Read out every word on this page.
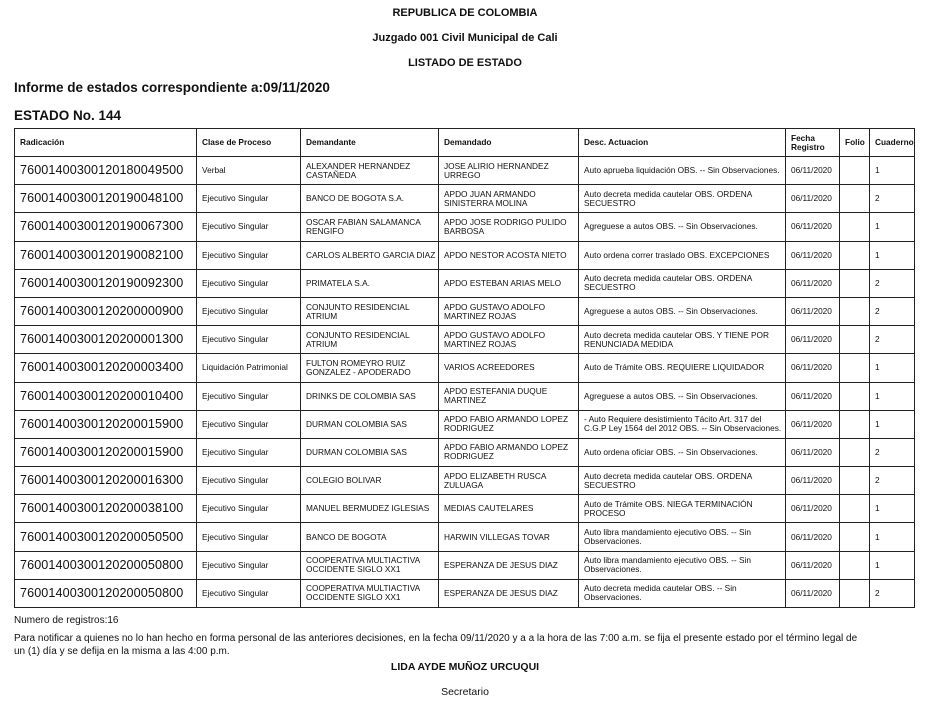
REPUBLICA DE COLOMBIA
Juzgado 001 Civil Municipal de Cali
LISTADO DE ESTADO
Informe de estados correspondiente a:09/11/2020
ESTADO No. 144
Radicación	Clase de Proceso	Demandante	Demandado	Desc. Actuacion	Fecha Registro	Folio	Cuaderno
76001400300120180049500	Verbal	ALEXANDER HERNANDEZ CASTAÑEDA	JOSE ALIRIO HERNANDEZ URREGO	Auto aprueba liquidación OBS. -- Sin Observaciones.	06/11/2020		1
76001400300120190048100	Ejecutivo Singular	BANCO DE BOGOTA S.A.	APDO JUAN ARMANDO SINISTERRA MOLINA	Auto decreta medida cautelar OBS. ORDENA SECUESTRO	06/11/2020		2
76001400300120190067300	Ejecutivo Singular	OSCAR FABIAN SALAMANCA RENGIFO	APDO JOSE RODRIGO PULIDO BARBOSA	Agreguese a autos OBS. -- Sin Observaciones.	06/11/2020		1
76001400300120190082100	Ejecutivo Singular	CARLOS ALBERTO GARCIA DIAZ	APDO NESTOR ACOSTA NIETO	Auto ordena correr traslado OBS. EXCEPCIONES	06/11/2020		1
76001400300120190092300	Ejecutivo Singular	PRIMATELA S.A.	APDO ESTEBAN ARIAS MELO	Auto decreta medida cautelar OBS. ORDENA SECUESTRO	06/11/2020		2
76001400300120200000900	Ejecutivo Singular	CONJUNTO RESIDENCIAL ATRIUM	APDO GUSTAVO ADOLFO MARTINEZ ROJAS	Agreguese a autos OBS. -- Sin Observaciones.	06/11/2020		2
76001400300120200001300	Ejecutivo Singular	CONJUNTO RESIDENCIAL ATRIUM	APDO GUSTAVO ADOLFO MARTINEZ ROJAS	Auto decreta medida cautelar OBS. Y TIENE POR RENUNCIADA MEDIDA	06/11/2020		2
76001400300120200003400	Liquidación Patrimonial	FULTON ROMEYRO RUIZ GONZALEZ - APODERADO	VARIOS ACREEDORES	Auto de Trámite OBS. REQUIERE LIQUIDADOR	06/11/2020		1
76001400300120200010400	Ejecutivo Singular	DRINKS DE COLOMBIA SAS	APDO ESTEFANIA DUQUE MARTINEZ	Agreguese a autos OBS. -- Sin Observaciones.	06/11/2020		1
76001400300120200015900	Ejecutivo Singular	DURMAN COLOMBIA SAS	APDO FABIO ARMANDO LOPEZ RODRIGUEZ	- Auto Requiere desistimiento Tácito Art. 317 del C.G.P Ley 1564 del 2012 OBS. -- Sin Observaciones.	06/11/2020		1
76001400300120200015900	Ejecutivo Singular	DURMAN COLOMBIA SAS	APDO FABIO ARMANDO LOPEZ RODRIGUEZ	Auto ordena oficiar OBS. -- Sin Observaciones.	06/11/2020		2
76001400300120200016300	Ejecutivo Singular	COLEGIO BOLIVAR	APDO ELIZABETH RUSCA ZULUAGA	Auto decreta medida cautelar OBS. ORDENA SECUESTRO	06/11/2020		2
76001400300120200038100	Ejecutivo Singular	MANUEL BERMUDEZ IGLESIAS	MEDIAS CAUTELARES	Auto de Trámite OBS. NIEGA TERMINACIÓN PROCESO	06/11/2020		1
76001400300120200050500	Ejecutivo Singular	BANCO DE BOGOTA	HARWIN VILLEGAS TOVAR	Auto libra mandamiento ejecutivo OBS. -- Sin Observaciones.	06/11/2020		1
76001400300120200050800	Ejecutivo Singular	COOPERATIVA MULTIACTIVA OCCIDENTE SIGLO XX1	ESPERANZA DE JESUS DIAZ	Auto libra mandamiento ejecutivo OBS. -- Sin Observaciones.	06/11/2020		1
76001400300120200050800	Ejecutivo Singular	COOPERATIVA MULTIACTIVA OCCIDENTE SIGLO XX1	ESPERANZA DE JESUS DIAZ	Auto decreta medida cautelar OBS. -- Sin Observaciones.	06/11/2020		2
Numero de registros:16
Para notificar a quienes no lo han hecho en forma personal de las anteriores decisiones, en la fecha 09/11/2020 y a a la hora de las 7:00 a.m. se fija el presente estado por el término legal de
un (1) día y se defija en la misma a las 4:00 p.m.
LIDA AYDE MUÑOZ URCUQUI
Secretario
